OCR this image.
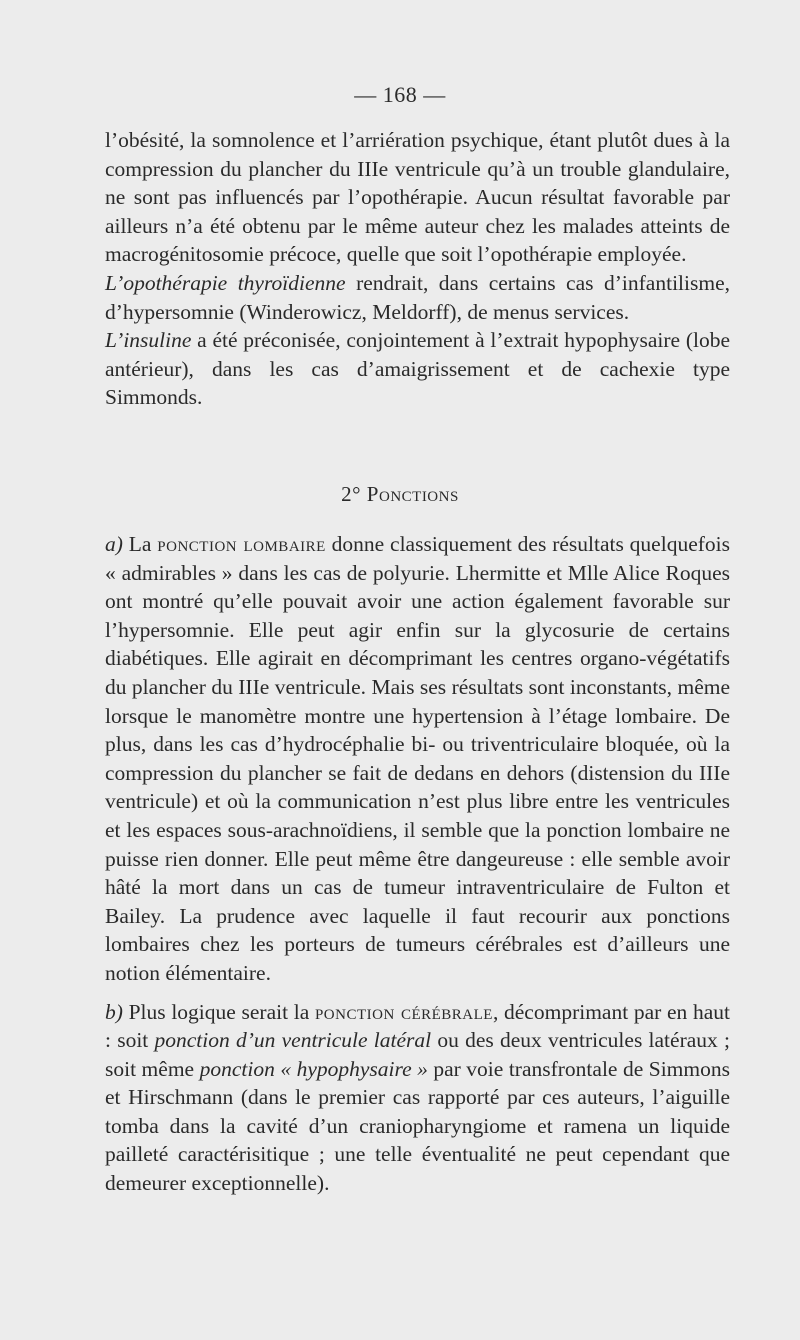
— 168 —

l’obésité, la somnolence et l’arriération psychique, étant plutôt dues à la compression du plancher du IIIe ventricule qu’à un trouble glandulaire, ne sont pas influencés par l’opothérapie. Aucun résultat favorable par ailleurs n’a été obtenu par le même auteur chez les malades atteints de macrogénitosomie précoce, quelle que soit l’opothérapie employée.

L’opothérapie thyroïdienne rendrait, dans certains cas d’infantilisme, d’hypersomnie (Winderowicz, Meldorff), de menus services.

L’insuline a été préconisée, conjointement à l’extrait hypophysaire (lobe antérieur), dans les cas d’amaigrissement et de cachexie type Simmonds.

2° Ponctions

a) La ponction lombaire donne classiquement des résultats quelquefois « admirables » dans les cas de polyurie. Lhermitte et Mlle Alice Roques ont montré qu’elle pouvait avoir une action également favorable sur l’hypersomnie. Elle peut agir enfin sur la glycosurie de certains diabétiques. Elle agirait en décomprimant les centres organo-végétatifs du plancher du IIIe ventricule. Mais ses résultats sont inconstants, même lorsque le manomètre montre une hypertension à l’étage lombaire. De plus, dans les cas d’hydrocéphalie bi- ou triventriculaire bloquée, où la compression du plancher se fait de dedans en dehors (distension du IIIe ventricule) et où la communication n’est plus libre entre les ventricules et les espaces sous-arachnoïdiens, il semble que la ponction lombaire ne puisse rien donner. Elle peut même être dangeureuse : elle semble avoir hâté la mort dans un cas de tumeur intraventriculaire de Fulton et Bailey. La prudence avec laquelle il faut recourir aux ponctions lombaires chez les porteurs de tumeurs cérébrales est d’ailleurs une notion élémentaire.

b) Plus logique serait la ponction cérébrale, décomprimant par en haut : soit ponction d’un ventricule latéral ou des deux ventricules latéraux ; soit même ponction « hypophysaire » par voie transfrontale de Simmons et Hirschmann (dans le premier cas rapporté par ces auteurs, l’aiguille tomba dans la cavité d’un craniopharyngiome et ramena un liquide pailleté caractérisitique ; une telle éventualité ne peut cependant que demeurer exceptionnelle).
